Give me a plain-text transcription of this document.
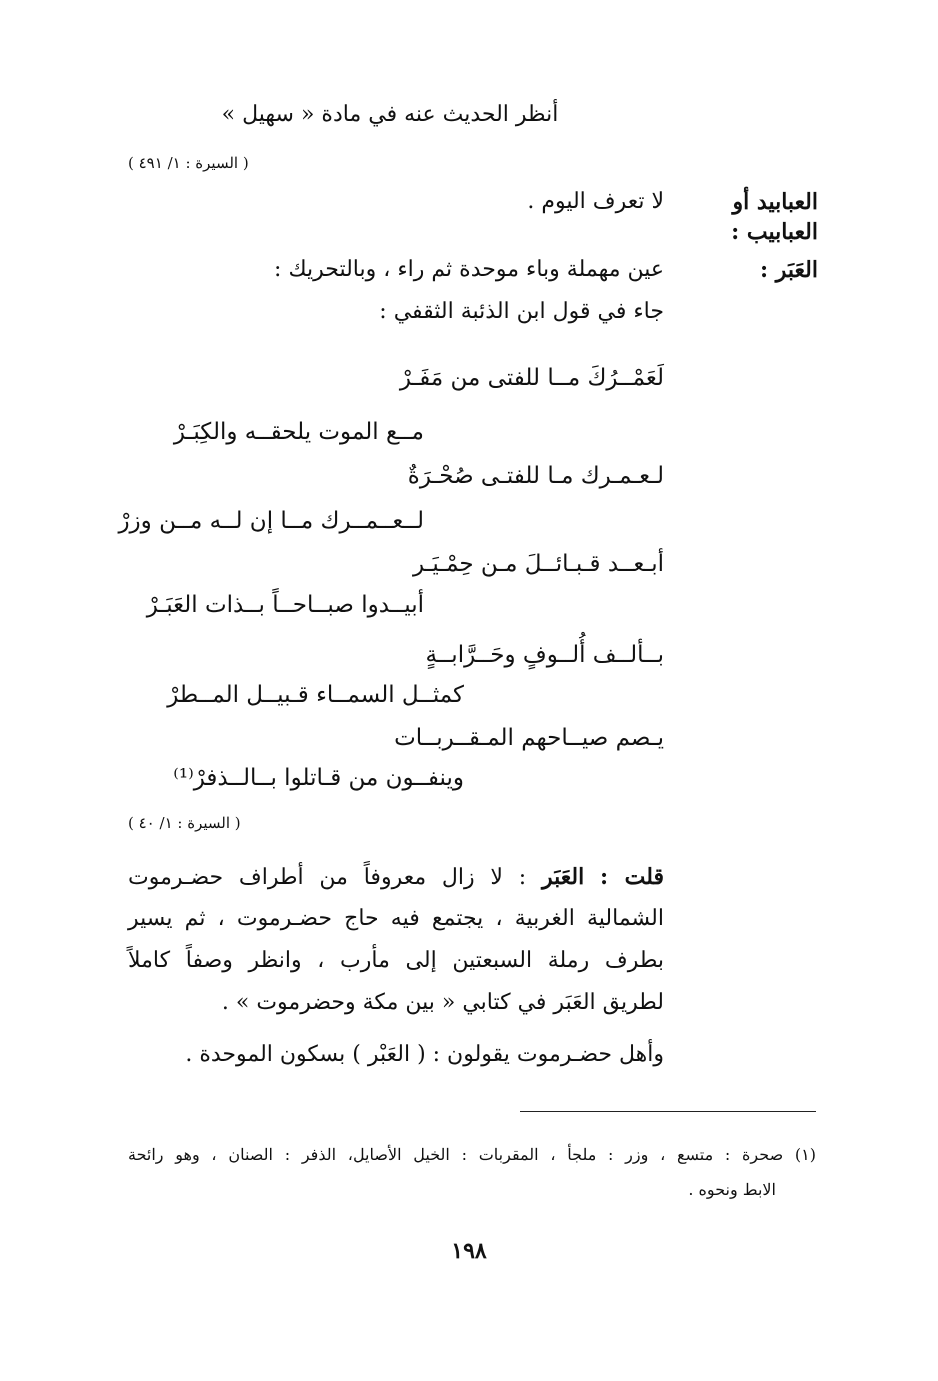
أنظر الحديث عنه في مادة « سهيل »
( السيرة : ١/ ٤٩١ )
العبابيد أو
لا تعرف اليوم .
العبابيب :
العَبَر :
عين مهملة وباء موحدة ثم راء ، وبالتحريك :
جاء في قول ابن الذئبة الثقفي :
لَعَمْــرُكَ مــا للفتى من مَفَـرْ
مــع الموت يلحقــه والكِبَـرْ
لـعـمـرك مـا للفتـى صُحْـرَةٌ
لــعــمــرك مــا إن لــه مــن وزرْ
أبـعــد قـبـائــلَ مـن حِمْـيَـر
أبيــدوا صبــاحــاً بــذات العَبَـرْ
بــألــف أُلــوفٍ وحَــرَّابــةٍ
كمثــل السمــاء قـبيــل المــطرْ
يـصم صيــاحهم المـقــربــات
وينفــون من قـاتلوا بــالــذفرْ⁽¹⁾
( السيرة : ١/ ٤٠ )
قلت : العَبَر : لا زال معروفاً من أطراف حضـرموت
الشمالية الغربية ، يجتمع فيه حاج حضـرموت ، ثم يسير
بطرف رملة السبعتين إلى مأرب ، وانظر وصفاً كاملاً
لطريق العَبَر في كتابي « بين مكة وحضرموت » .
وأهل حضـرموت يقولون : ( العَبْر ) بسكون الموحدة .
(١) صحرة : متسع ، وزر : ملجأ ، المقربات : الخيل الأصايل، الذفر : الصنان ، وهو رائحة
الابط ونحوه .
١٩٨
